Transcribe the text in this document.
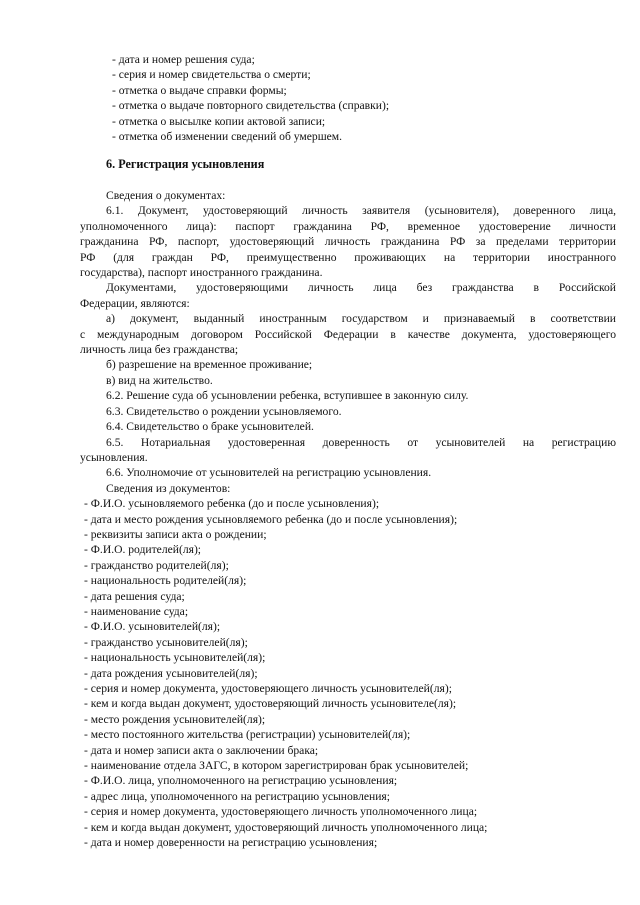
- дата и номер решения суда;
- серия и номер свидетельства о смерти;
- отметка о выдаче справки формы;
- отметка о выдаче повторного свидетельства (справки);
- отметка о высылке копии актовой записи;
- отметка об изменении сведений об умершем.
6. Регистрация усыновления
Сведения о документах:
6.1. Документ, удостоверяющий личность заявителя (усыновителя), доверенного лица,
уполномоченного лица): паспорт гражданина РФ, временное удостоверение личности
гражданина РФ, паспорт, удостоверяющий личность гражданина РФ за пределами территории
РФ (для граждан РФ, преимущественно проживающих на территории иностранного
государства), паспорт иностранного гражданина.
Документами, удостоверяющими личность лица без гражданства в Российской
Федерации, являются:
а) документ, выданный иностранным государством и признаваемый в соответствии
с международным договором Российской Федерации в качестве документа, удостоверяющего
личность лица без гражданства;
б) разрешение на временное проживание;
в) вид на жительство.
6.2. Решение суда об усыновлении ребенка, вступившее в законную силу.
6.3. Свидетельство о рождении усыновляемого.
6.4. Свидетельство о браке усыновителей.
6.5. Нотариальная удостоверенная доверенность от усыновителей на регистрацию
усыновления.
6.6. Уполномочие от усыновителей на регистрацию усыновления.
Сведения из документов:
- Ф.И.О. усыновляемого ребенка (до и после усыновления);
- дата и место рождения усыновляемого ребенка (до и после усыновления);
- реквизиты записи акта о рождении;
- Ф.И.О. родителей(ля);
- гражданство родителей(ля);
- национальность родителей(ля);
- дата решения суда;
- наименование суда;
- Ф.И.О. усыновителей(ля);
- гражданство усыновителей(ля);
- национальность усыновителей(ля);
- дата рождения усыновителей(ля);
- серия и номер документа, удостоверяющего личность усыновителей(ля);
- кем и когда выдан документ, удостоверяющий личность усыновителе(ля);
- место рождения усыновителей(ля);
- место постоянного жительства (регистрации) усыновителей(ля);
- дата и номер записи акта о заключении брака;
- наименование отдела ЗАГС, в котором зарегистрирован брак усыновителей;
- Ф.И.О. лица, уполномоченного на регистрацию усыновления;
- адрес лица, уполномоченного на регистрацию усыновления;
- серия и номер документа, удостоверяющего личность уполномоченного лица;
- кем и когда выдан документ, удостоверяющий личность уполномоченного лица;
- дата и номер доверенности на регистрацию усыновления;
